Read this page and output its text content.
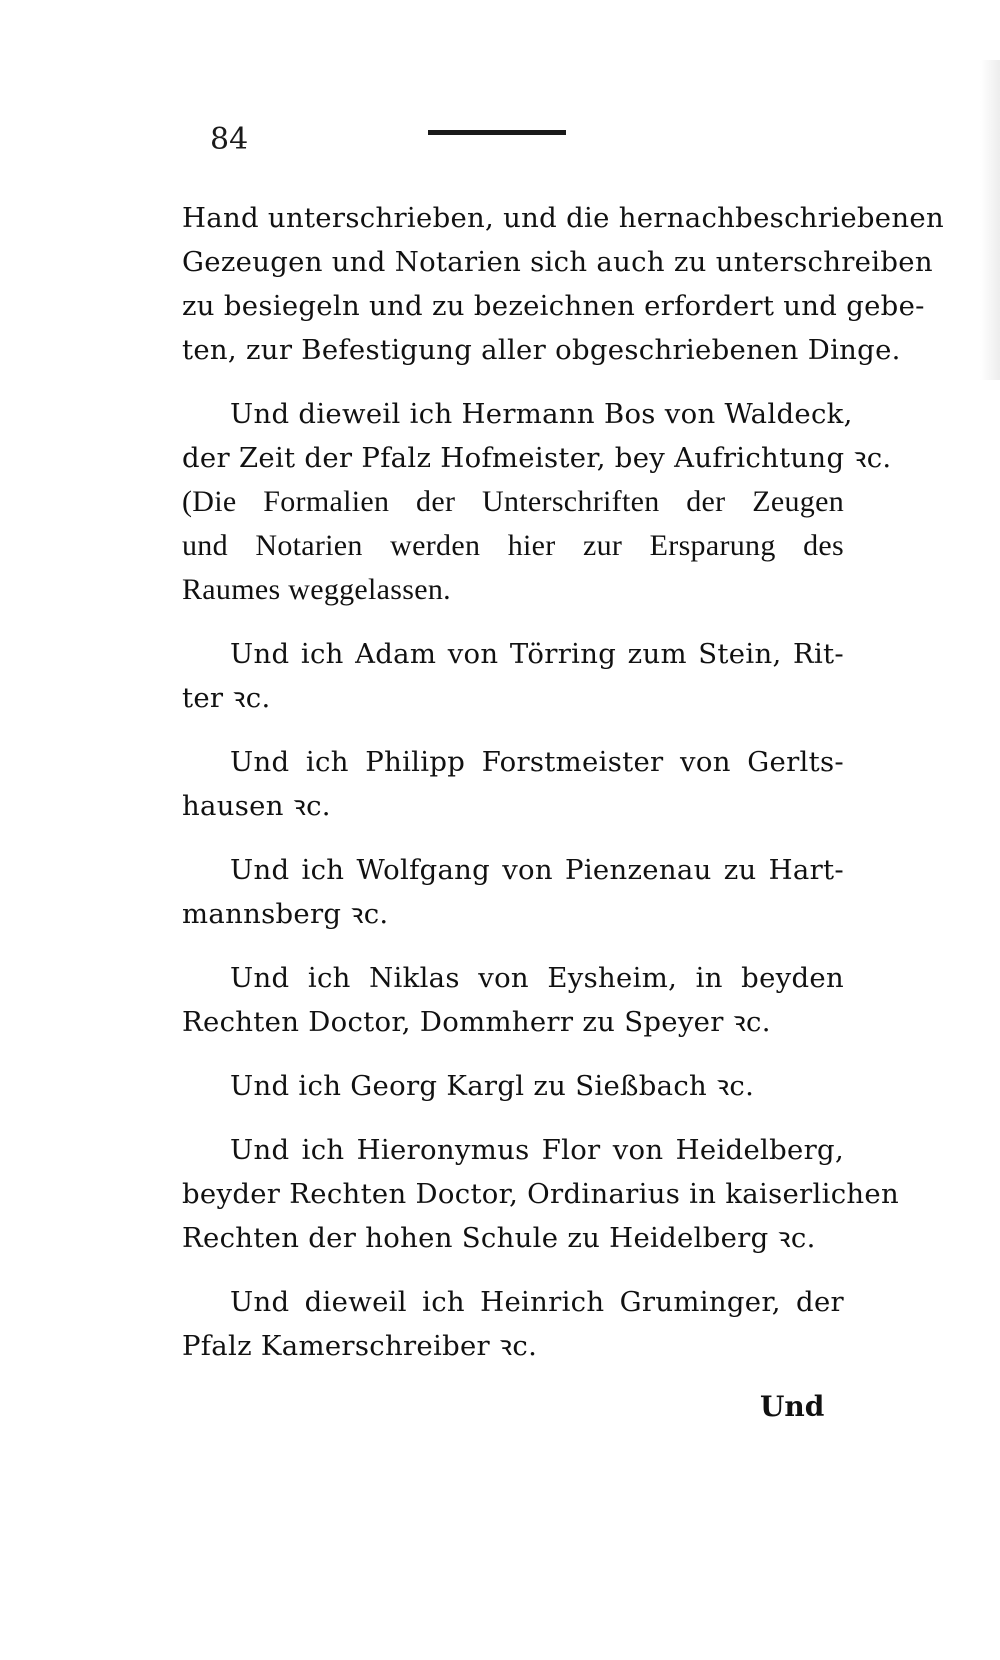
84

Hand unterschrieben, und die hernachbeschriebenen
Gezeugen und Notarien sich auch zu unterschreiben
zu besiegeln und zu bezeichnen erfordert und gebe-
ten, zur Befestigung aller obgeschriebenen Dinge.

Und dieweil ich Hermann Bos von Waldeck,
der Zeit der Pfalz Hofmeister, bey Aufrichtung ꝛc.
(Die Formalien der Unterschriften der Zeugen
und Notarien werden hier zur Ersparung des
Raumes weggelassen.

Und ich Adam von Törring zum Stein, Rit-
ter ꝛc.

Und ich Philipp Forstmeister von Gerlts-
hausen ꝛc.

Und ich Wolfgang von Pienzenau zu Hart-
mannsberg ꝛc.

Und ich Niklas von Eysheim, in beyden
Rechten Doctor, Dommherr zu Speyer ꝛc.

Und ich Georg Kargl zu Sießbach ꝛc.

Und ich Hieronymus Flor von Heidelberg,
beyder Rechten Doctor, Ordinarius in kaiserlichen
Rechten der hohen Schule zu Heidelberg ꝛc.

Und dieweil ich Heinrich Gruminger, der
Pfalz Kamerschreiber ꝛc.

Und
